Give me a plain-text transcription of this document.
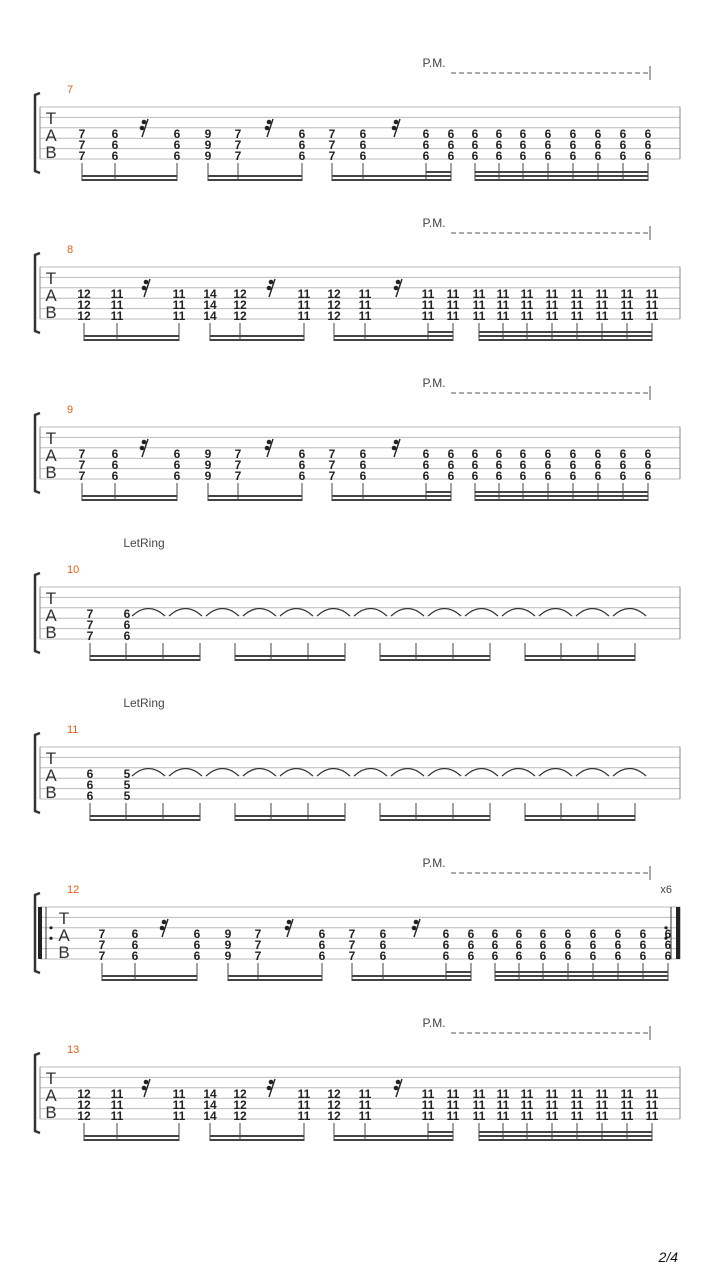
7
T
A
B
P.M.
7
7
7
6
6
6
6
6
6
9
9
9
7
7
7
6
6
6
7
7
7
6
6
6
6
6
6
6
6
6
6
6
6
6
6
6
6
6
6
6
6
6
6
6
6
6
6
6
6
6
6
6
6
6
8
T
A
B
P.M.
12
12
12
11
11
11
11
11
11
14
14
14
12
12
12
11
11
11
12
12
12
11
11
11
11
11
11
11
11
11
11
11
11
11
11
11
11
11
11
11
11
11
11
11
11
11
11
11
11
11
11
11
11
11
9
T
A
B
P.M.
7
7
7
6
6
6
6
6
6
9
9
9
7
7
7
6
6
6
7
7
7
6
6
6
6
6
6
6
6
6
6
6
6
6
6
6
6
6
6
6
6
6
6
6
6
6
6
6
6
6
6
6
6
6
10
T
A
B
LetRing
7
7
7
6
6
6
11
T
A
B
LetRing
6
6
6
5
5
5
12
T
A
B
x6
P.M.
7
7
7
6
6
6
6
6
6
9
9
9
7
7
7
6
6
6
7
7
7
6
6
6
6
6
6
6
6
6
6
6
6
6
6
6
6
6
6
6
6
6
6
6
6
6
6
6
6
6
6
6
6
6
13
T
A
B
P.M.
12
12
12
11
11
11
11
11
11
14
14
14
12
12
12
11
11
11
12
12
12
11
11
11
11
11
11
11
11
11
11
11
11
11
11
11
11
11
11
11
11
11
11
11
11
11
11
11
11
11
11
11
11
11
2/4
